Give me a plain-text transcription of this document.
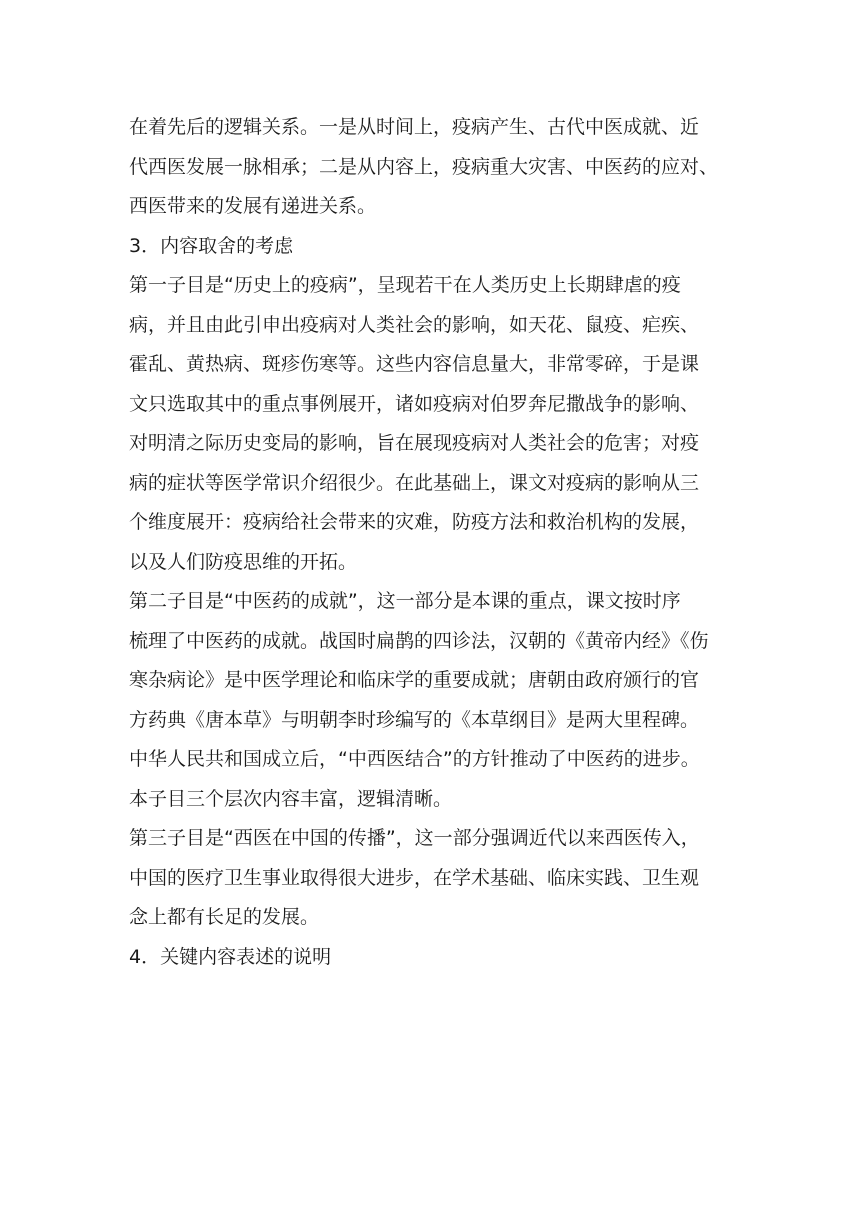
在着先后的逻辑关系。一是从时间上，疫病产生、古代中医成就、近
代西医发展一脉相承；二是从内容上，疫病重大灾害、中医药的应对、
西医带来的发展有递进关系。
3．内容取舍的考虑
第一子目是“历史上的疫病”，呈现若干在人类历史上长期肆虐的疫
病，并且由此引申出疫病对人类社会的影响，如天花、鼠疫、疟疾、
霍乱、黄热病、斑疹伤寒等。这些内容信息量大，非常零碎，于是课
文只选取其中的重点事例展开，诸如疫病对伯罗奔尼撒战争的影响、
对明清之际历史变局的影响，旨在展现疫病对人类社会的危害；对疫
病的症状等医学常识介绍很少。在此基础上，课文对疫病的影响从三
个维度展开：疫病给社会带来的灾难，防疫方法和救治机构的发展，
以及人们防疫思维的开拓。
第二子目是“中医药的成就”，这一部分是本课的重点，课文按时序
梳理了中医药的成就。战国时扁鹊的四诊法，汉朝的《黄帝内经》《伤
寒杂病论》是中医学理论和临床学的重要成就；唐朝由政府颁行的官
方药典《唐本草》与明朝李时珍编写的《本草纲目》是两大里程碑。
中华人民共和国成立后，“中西医结合”的方针推动了中医药的进步。
本子目三个层次内容丰富，逻辑清晰。
第三子目是“西医在中国的传播”，这一部分强调近代以来西医传入，
中国的医疗卫生事业取得很大进步，在学术基础、临床实践、卫生观
念上都有长足的发展。
4．关键内容表述的说明
